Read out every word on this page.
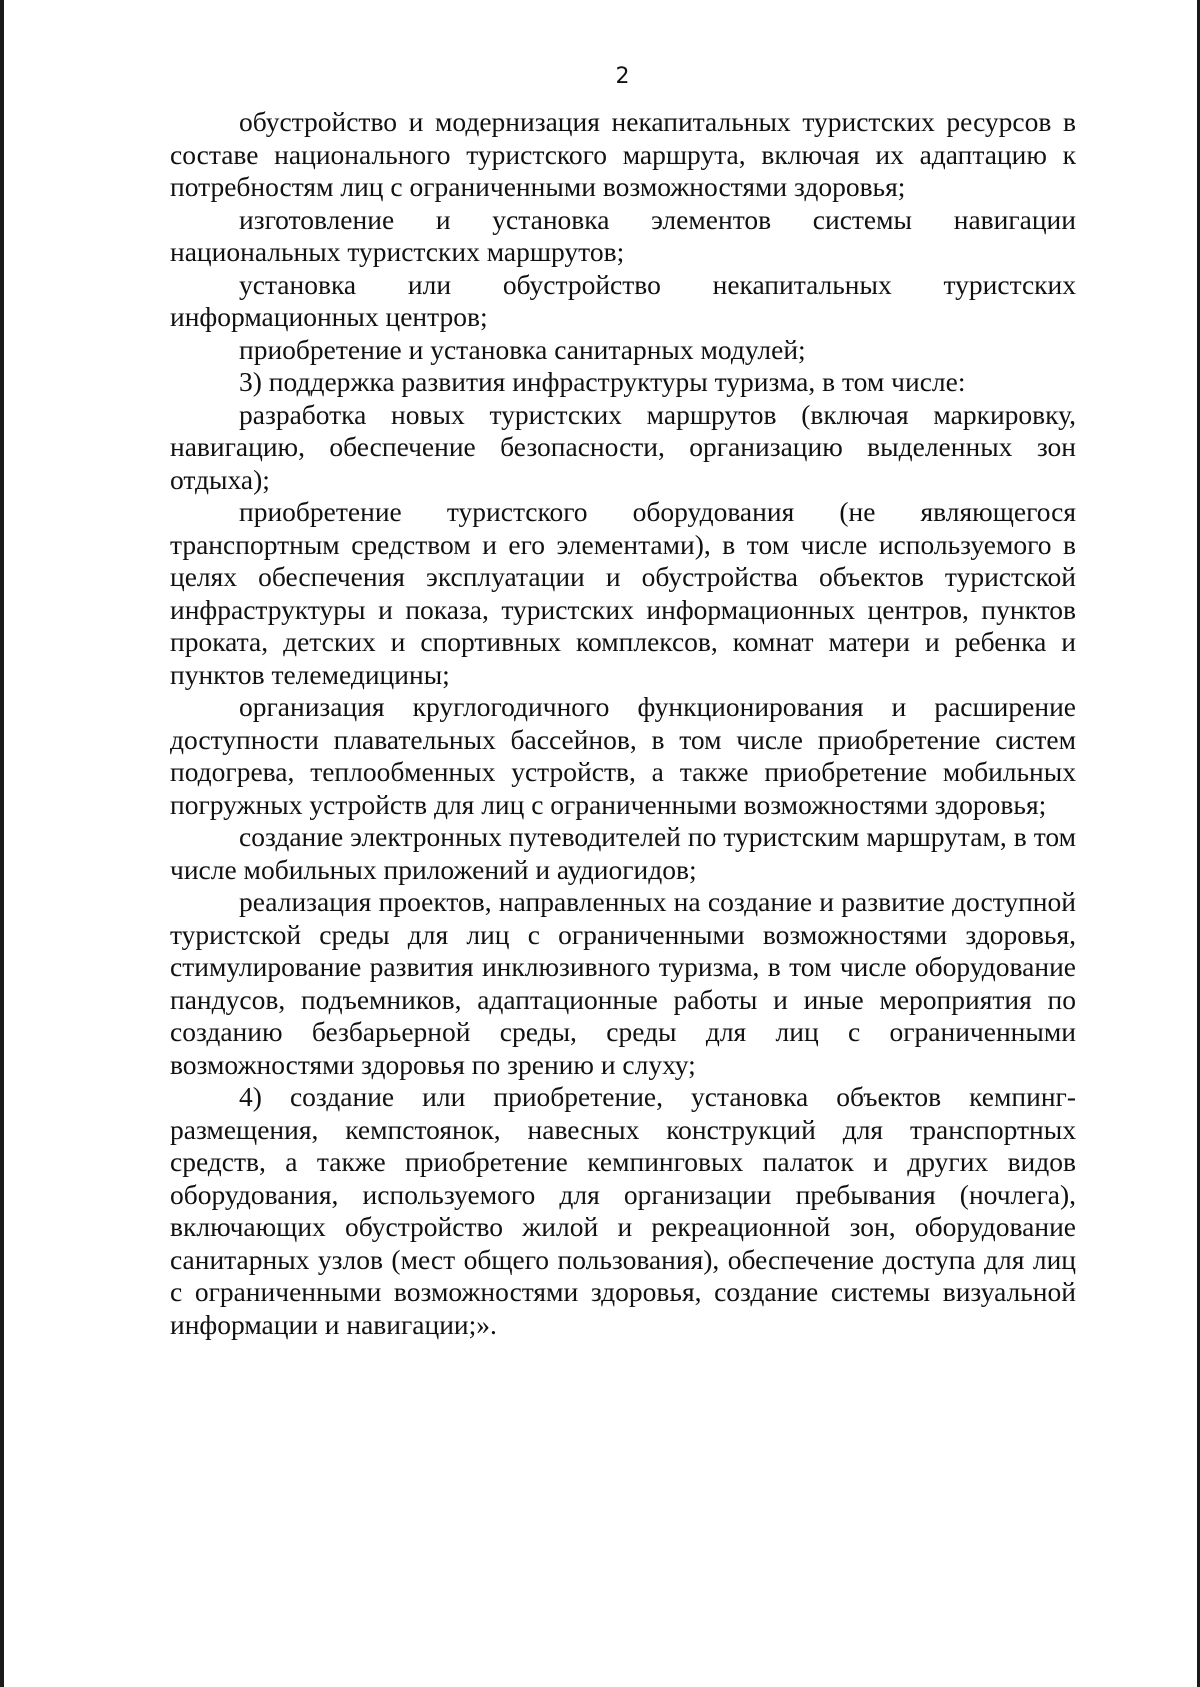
2

обустройство и модернизация некапитальных туристских ресурсов в составе национального туристского маршрута, включая их адаптацию к потребностям лиц с ограниченными возможностями здоровья;

изготовление и установка элементов системы навигации национальных туристских маршрутов;

установка или обустройство некапитальных туристских информационных центров;

приобретение и установка санитарных модулей;

3) поддержка развития инфраструктуры туризма, в том числе:

разработка новых туристских маршрутов (включая маркировку, навигацию, обеспечение безопасности, организацию выделенных зон отдыха);

приобретение туристского оборудования (не являющегося транспортным средством и его элементами), в том числе используемого в целях обеспечения эксплуатации и обустройства объектов туристской инфраструктуры и показа, туристских информационных центров, пунктов проката, детских и спортивных комплексов, комнат матери и ребенка и пунктов телемедицины;

организация круглогодичного функционирования и расширение доступности плавательных бассейнов, в том числе приобретение систем подогрева, теплообменных устройств, а также приобретение мобильных погружных устройств для лиц с ограниченными возможностями здоровья;

создание электронных путеводителей по туристским маршрутам, в том числе мобильных приложений и аудиогидов;

реализация проектов, направленных на создание и развитие доступной туристской среды для лиц с ограниченными возможностями здоровья, стимулирование развития инклюзивного туризма, в том числе оборудование пандусов, подъемников, адаптационные работы и иные мероприятия по созданию безбарьерной среды, среды для лиц с ограниченными возможностями здоровья по зрению и слуху;

4) создание или приобретение, установка объектов кемпинг-размещения, кемпстоянок, навесных конструкций для транспортных средств, а также приобретение кемпинговых палаток и других видов оборудования, используемого для организации пребывания (ночлега), включающих обустройство жилой и рекреационной зон, оборудование санитарных узлов (мест общего пользования), обеспечение доступа для лиц с ограниченными возможностями здоровья, создание системы визуальной информации и навигации;».
